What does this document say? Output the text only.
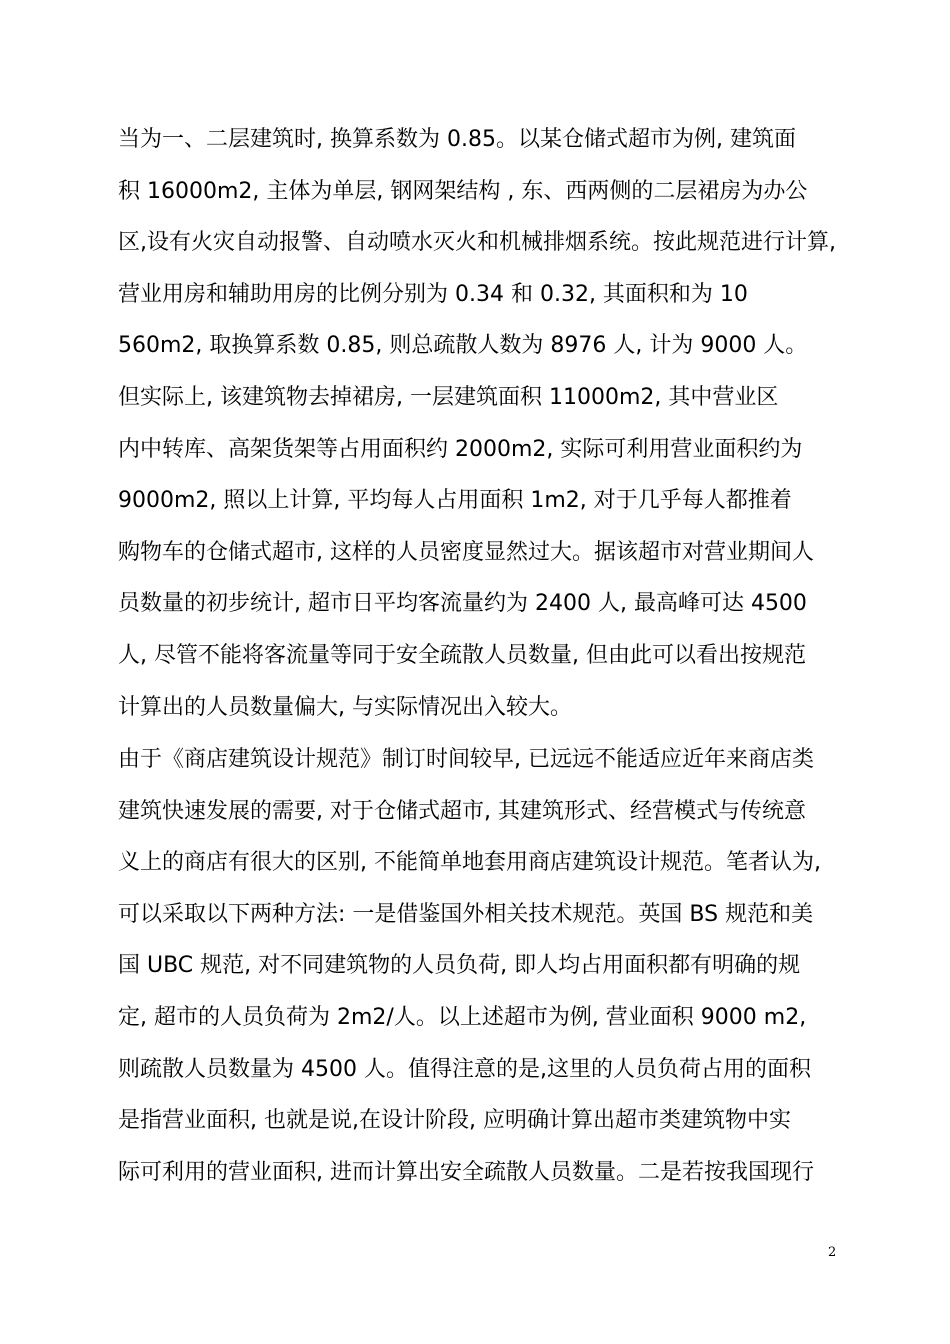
当为一、二层建筑时, 换算系数为 0.85。以某仓储式超市为例, 建筑面
积 16000m2, 主体为单层, 钢网架结构 , 东、西两侧的二层裙房为办公
区,设有火灾自动报警、自动喷水灭火和机械排烟系统。按此规范进行计算,
营业用房和辅助用房的比例分别为 0.34 和 0.32, 其面积和为 10
560m2, 取换算系数 0.85, 则总疏散人数为 8976 人, 计为 9000 人。
但实际上, 该建筑物去掉裙房, 一层建筑面积 11000m2, 其中营业区
内中转库、高架货架等占用面积约 2000m2, 实际可利用营业面积约为
9000m2, 照以上计算, 平均每人占用面积 1m2, 对于几乎每人都推着
购物车的仓储式超市, 这样的人员密度显然过大。据该超市对营业期间人
员数量的初步统计, 超市日平均客流量约为 2400 人, 最高峰可达 4500
人, 尽管不能将客流量等同于安全疏散人员数量, 但由此可以看出按规范
计算出的人员数量偏大, 与实际情况出入较大。
由于《商店建筑设计规范》制订时间较早, 已远远不能适应近年来商店类
建筑快速发展的需要, 对于仓储式超市, 其建筑形式、经营模式与传统意
义上的商店有很大的区别, 不能简单地套用商店建筑设计规范。笔者认为,
可以采取以下两种方法: 一是借鉴国外相关技术规范。英国 BS 规范和美
国 UBC 规范, 对不同建筑物的人员负荷, 即人均占用面积都有明确的规
定, 超市的人员负荷为 2m2/人。以上述超市为例, 营业面积 9000 m2,
则疏散人员数量为 4500 人。值得注意的是,这里的人员负荷占用的面积
是指营业面积, 也就是说,在设计阶段, 应明确计算出超市类建筑物中实
际可利用的营业面积, 进而计算出安全疏散人员数量。二是若按我国现行
2
